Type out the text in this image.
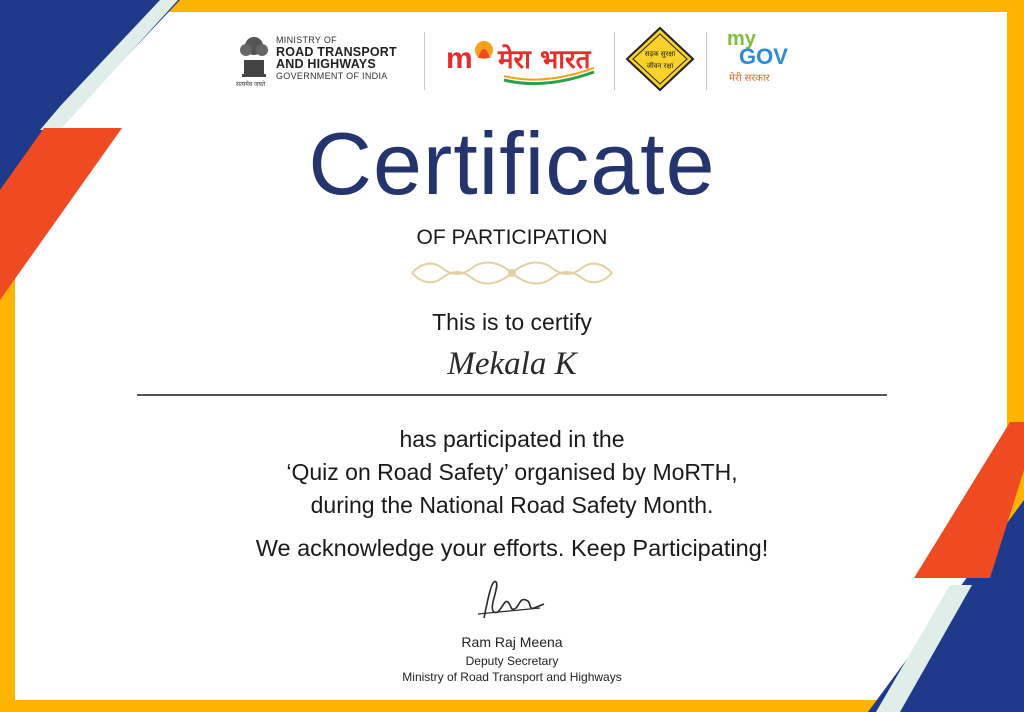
सत्यमेव जयते
MINISTRY OF
ROAD TRANSPORT
AND HIGHWAYS
GOVERNMENT OF INDIA
m मेरा भारत	सड़क सुरक्षा
जीवन रक्षा
my
GOV
मेरी सरकार
Certificate
OF PARTICIPATION
This is to certify
Mekala K
has participated in the
‘Quiz on Road Safety’ organised by MoRTH,
during the National Road Safety Month.
We acknowledge your efforts. Keep Participating!
Ram Raj Meena
Deputy Secretary
Ministry of Road Transport and Highways
